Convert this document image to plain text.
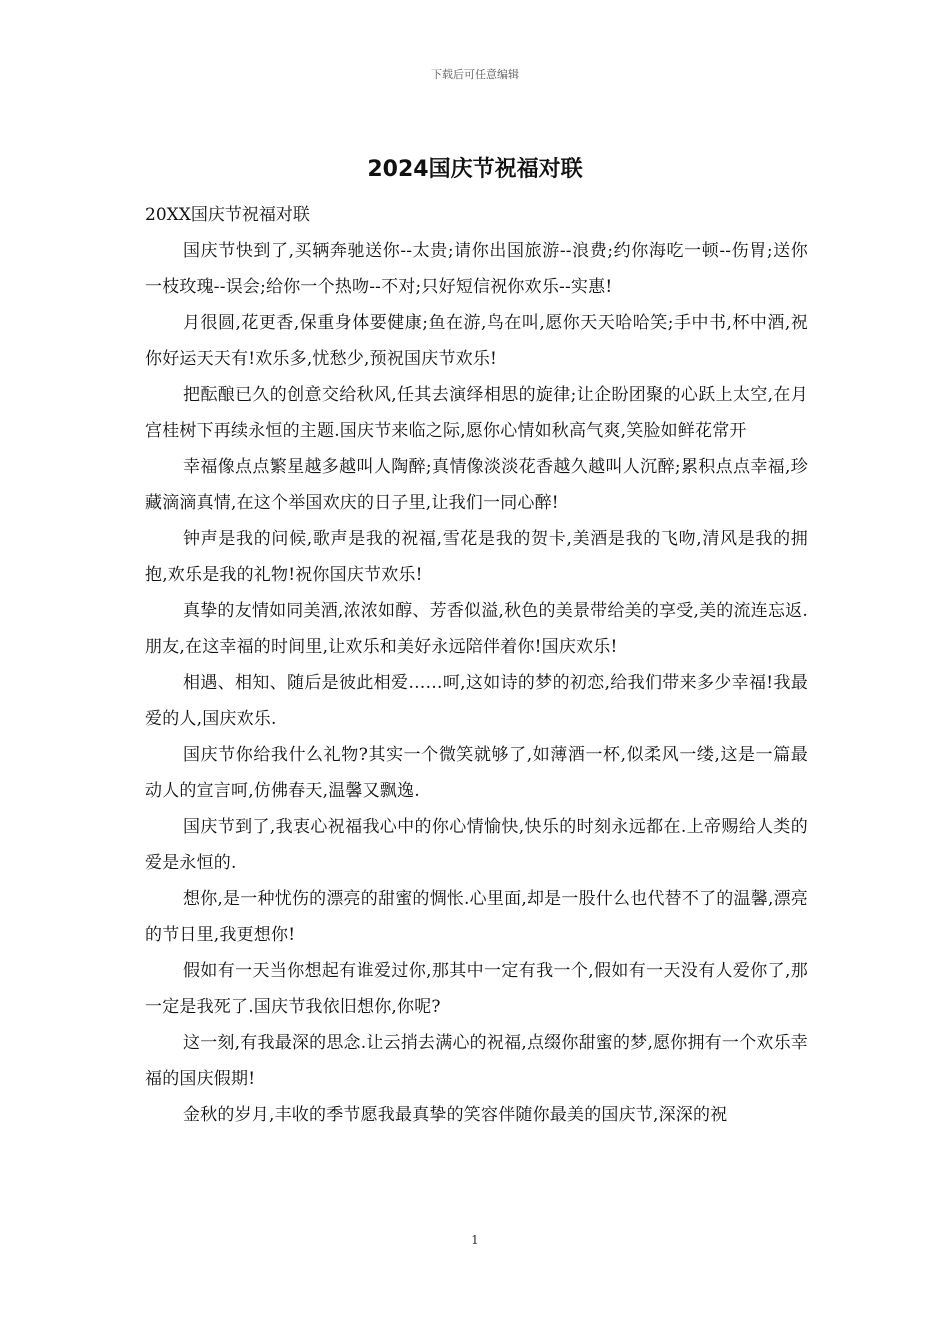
下载后可任意编辑
2024国庆节祝福对联

20XX国庆节祝福对联

国庆节快到了,买辆奔驰送你--太贵;请你出国旅游--浪费;约你海吃一顿--伤胃;送你一枝玫瑰--误会;给你一个热吻--不对;只好短信祝你欢乐--实惠!

月很圆,花更香,保重身体要健康;鱼在游,鸟在叫,愿你天天哈哈笑;手中书,杯中酒,祝你好运天天有!欢乐多,忧愁少,预祝国庆节欢乐!

把酝酿已久的创意交给秋风,任其去演绎相思的旋律;让企盼团聚的心跃上太空,在月宫桂树下再续永恒的主题.国庆节来临之际,愿你心情如秋高气爽,笑脸如鲜花常开

幸福像点点繁星越多越叫人陶醉;真情像淡淡花香越久越叫人沉醉;累积点点幸福,珍藏滴滴真情,在这个举国欢庆的日子里,让我们一同心醉!

钟声是我的问候,歌声是我的祝福,雪花是我的贺卡,美酒是我的飞吻,清风是我的拥抱,欢乐是我的礼物!祝你国庆节欢乐!

真挚的友情如同美酒,浓浓如醇、芳香似溢,秋色的美景带给美的享受,美的流连忘返.朋友,在这幸福的时间里,让欢乐和美好永远陪伴着你!国庆欢乐!

相遇、相知、随后是彼此相爱……呵,这如诗的梦的初恋,给我们带来多少幸福!我最爱的人,国庆欢乐.

国庆节你给我什么礼物?其实一个微笑就够了,如薄酒一杯,似柔风一缕,这是一篇最动人的宣言呵,仿佛春天,温馨又飘逸.

国庆节到了,我衷心祝福我心中的你心情愉快,快乐的时刻永远都在.上帝赐给人类的爱是永恒的.

想你,是一种忧伤的漂亮的甜蜜的惆怅.心里面,却是一股什么也代替不了的温馨,漂亮的节日里,我更想你!

假如有一天当你想起有谁爱过你,那其中一定有我一个,假如有一天没有人爱你了,那一定是我死了.国庆节我依旧想你,你呢?

这一刻,有我最深的思念.让云捎去满心的祝福,点缀你甜蜜的梦,愿你拥有一个欢乐幸福的国庆假期!

金秋的岁月,丰收的季节愿我最真挚的笑容伴随你最美的国庆节,深深的祝

1
